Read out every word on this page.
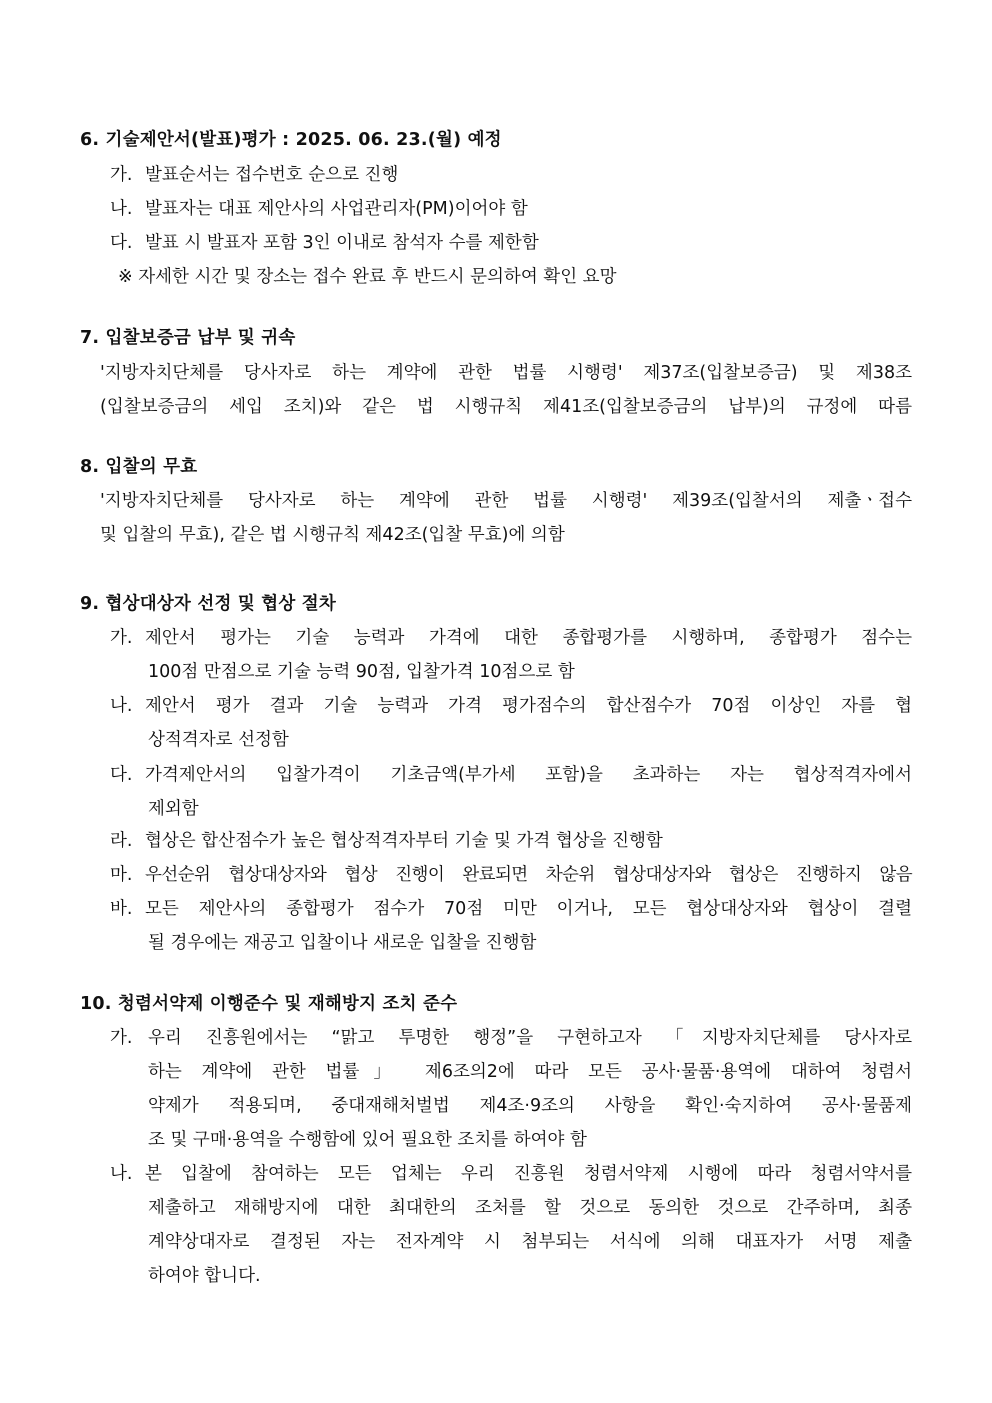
6. 기술제안서(발표)평가 : 2025. 06. 23.(월) 예정
가. 발표순서는 접수번호 순으로 진행
나. 발표자는 대표 제안사의 사업관리자(PM)이어야 함
다. 발표 시 발표자 포함 3인 이내로 참석자 수를 제한함
※ 자세한 시간 및 장소는 접수 완료 후 반드시 문의하여 확인 요망
7. 입찰보증금 납부 및 귀속
'지방자치단체를 당사자로 하는 계약에 관한 법률 시행령' 제37조(입찰보증금) 및 제38조
(입찰보증금의 세입 조치)와 같은 법 시행규칙 제41조(입찰보증금의 납부)의 규정에 따름
8. 입찰의 무효
'지방자치단체를 당사자로 하는 계약에 관한 법률 시행령' 제39조(입찰서의 제출ㆍ접수
및 입찰의 무효), 같은 법 시행규칙 제42조(입찰 무효)에 의함
9. 협상대상자 선정 및 협상 절차
가. 제안서 평가는 기술 능력과 가격에 대한 종합평가를 시행하며, 종합평가 점수는
100점 만점으로 기술 능력 90점, 입찰가격 10점으로 함
나. 제안서 평가 결과 기술 능력과 가격 평가점수의 합산점수가 70점 이상인 자를 협
상적격자로 선정함
다. 가격제안서의 입찰가격이 기초금액(부가세 포함)을 초과하는 자는 협상적격자에서
제외함
라. 협상은 합산점수가 높은 협상적격자부터 기술 및 가격 협상을 진행함
마. 우선순위 협상대상자와 협상 진행이 완료되면 차순위 협상대상자와 협상은 진행하지 않음
바. 모든 제안사의 종합평가 점수가 70점 미만 이거나, 모든 협상대상자와 협상이 결렬
될 경우에는 재공고 입찰이나 새로운 입찰을 진행함
10. 청렴서약제 이행준수 및 재해방지 조치 준수
가. 우리 진흥원에서는 “맑고 투명한 행정”을 구현하고자 「지방자치단체를 당사자로
하는 계약에 관한 법률」 제6조의2에 따라 모든 공사·물품·용역에 대하여 청렴서
약제가 적용되며, 중대재해처벌법 제4조·9조의 사항을 확인·숙지하여 공사·물품제
조 및 구매·용역을 수행함에 있어 필요한 조치를 하여야 함
나. 본 입찰에 참여하는 모든 업체는 우리 진흥원 청렴서약제 시행에 따라 청렴서약서를
제출하고 재해방지에 대한 최대한의 조처를 할 것으로 동의한 것으로 간주하며, 최종
계약상대자로 결정된 자는 전자계약 시 첨부되는 서식에 의해 대표자가 서명 제출
하여야 합니다.
